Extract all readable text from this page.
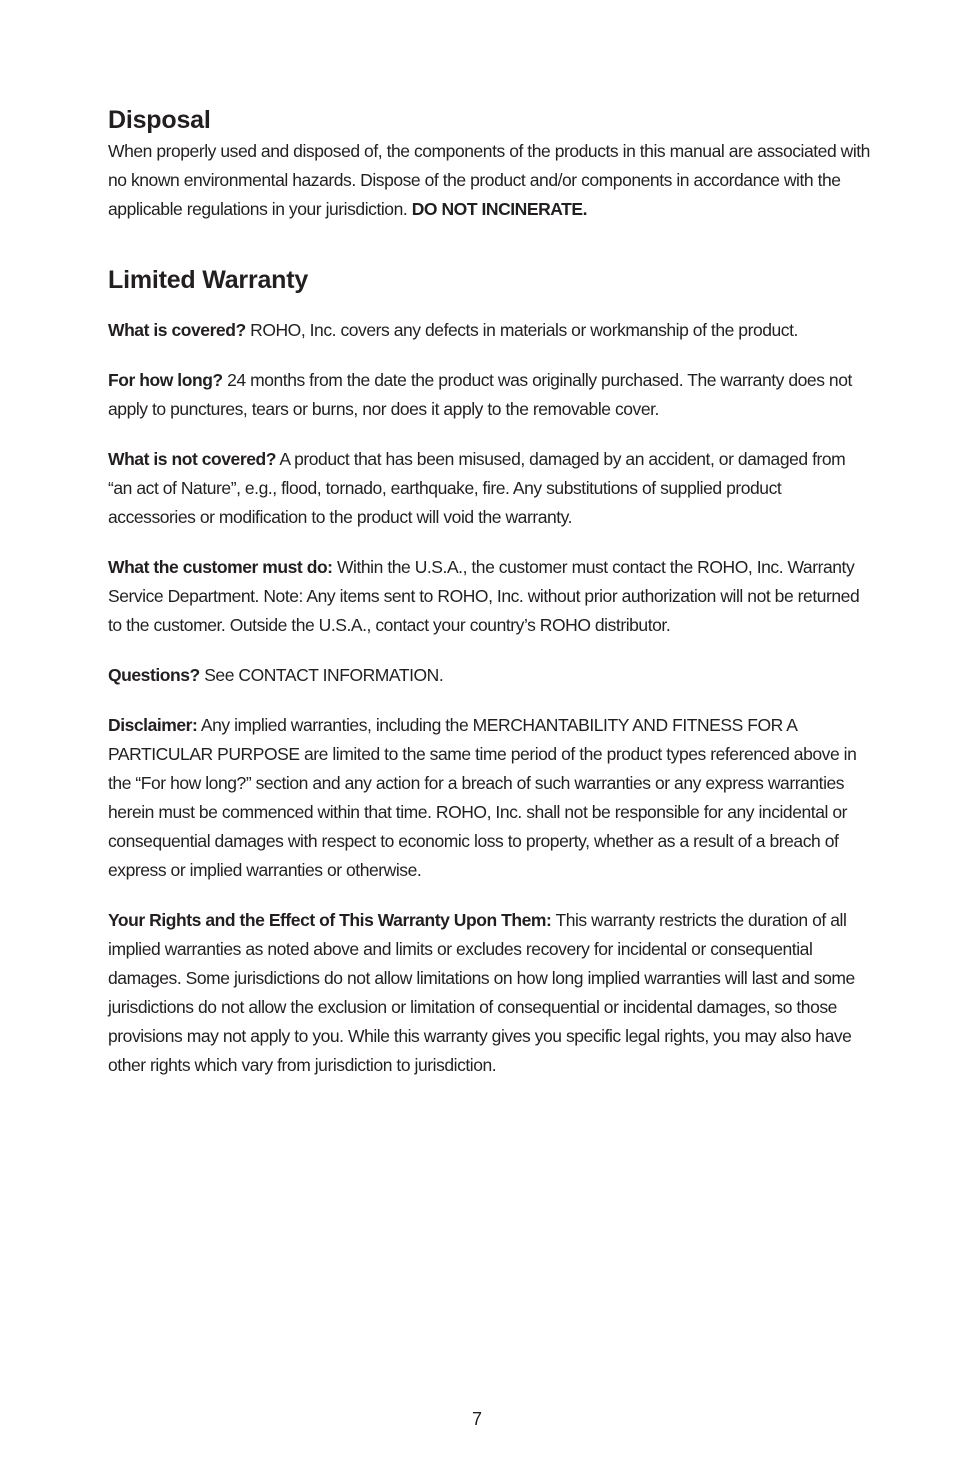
Disposal

When properly used and disposed of, the components of the products in this manual are associated with no known environmental hazards. Dispose of the product and/or components in accordance with the applicable regulations in your jurisdiction. DO NOT INCINERATE.

Limited Warranty

What is covered? ROHO, Inc. covers any defects in materials or workmanship of the product.

For how long? 24 months from the date the product was originally purchased. The warranty does not apply to punctures, tears or burns, nor does it apply to the removable cover.

What is not covered? A product that has been misused, damaged by an accident, or damaged from “an act of Nature”, e.g., flood, tornado, earthquake, fire. Any substitutions of supplied product accessories or modification to the product will void the warranty.

What the customer must do: Within the U.S.A., the customer must contact the ROHO, Inc. Warranty Service Department. Note: Any items sent to ROHO, Inc. without prior authorization will not be returned to the customer. Outside the U.S.A., contact your country’s ROHO distributor.

Questions? See CONTACT INFORMATION.

Disclaimer: Any implied warranties, including the MERCHANTABILITY AND FITNESS FOR A PARTICULAR PURPOSE are limited to the same time period of the product types referenced above in the “For how long?” section and any action for a breach of such warranties or any express warranties herein must be commenced within that time. ROHO, Inc. shall not be responsible for any incidental or consequential damages with respect to economic loss to property, whether as a result of a breach of express or implied warranties or otherwise.

Your Rights and the Effect of This Warranty Upon Them: This warranty restricts the duration of all implied warranties as noted above and limits or excludes recovery for incidental or consequential damages. Some jurisdictions do not allow limitations on how long implied warranties will last and some jurisdictions do not allow the exclusion or limitation of consequential or incidental damages, so those provisions may not apply to you. While this warranty gives you specific legal rights, you may also have other rights which vary from jurisdiction to jurisdiction.

7
